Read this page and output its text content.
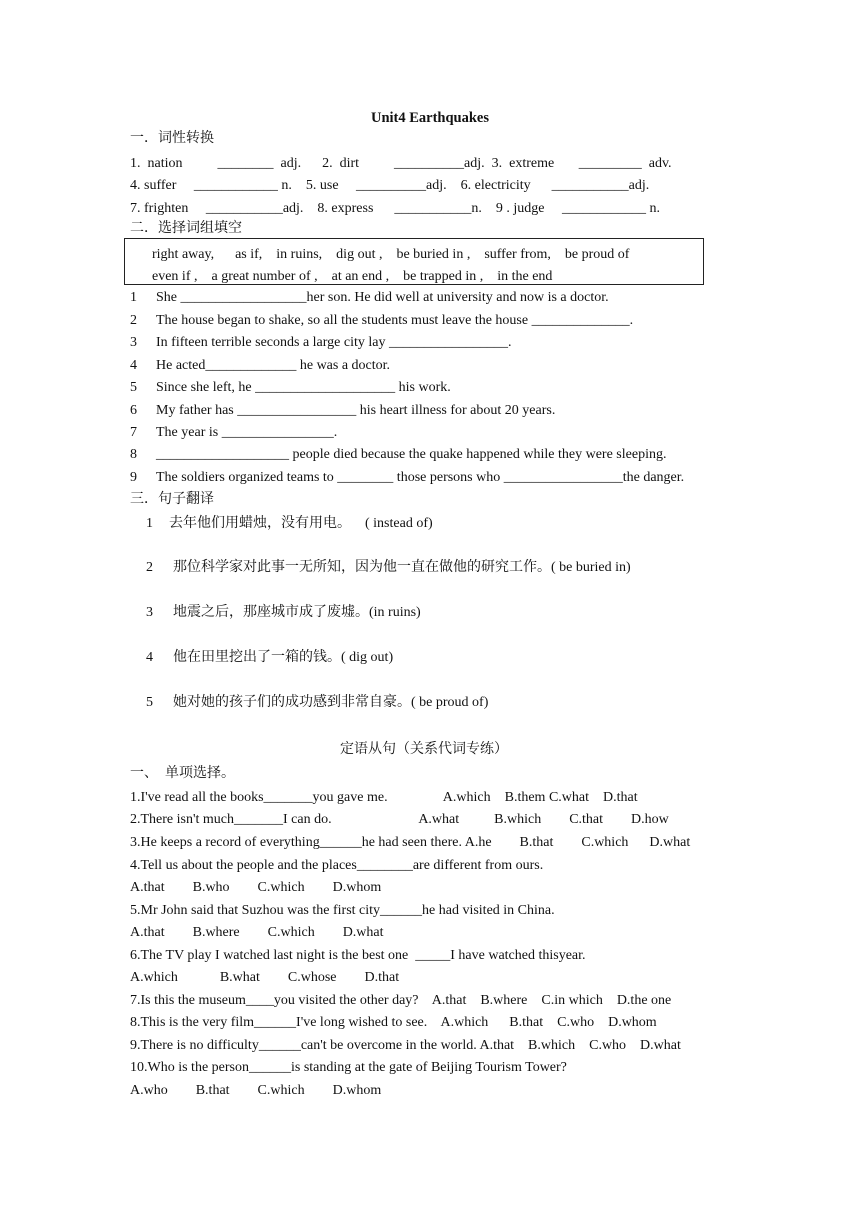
Unit4 Earthquakes
一．词性转换
1.  nation          ________  adj.      2.  dirt          __________adj.  3.  extreme       _________  adv.
4. suffer     ____________ n.    5. use     __________adj.    6. electricity      ___________adj.
7. frighten     ___________adj.    8. express      ___________n.    9 . judge     ____________ n.
二．选择词组填空
right away,      as if,    in ruins,    dig out ,    be buried in ,    suffer from,    be proud of
even if ,    a great number of ,    at an end ,    be trapped in ,    in the end
1 She __________________her son. He did well at university and now is a doctor.
2 The house began to shake, so all the students must leave the house ______________.
3 In fifteen terrible seconds a large city lay _________________.
4 He acted_____________ he was a doctor.
5 Since she left, he ____________________ his work.
6 My father has _________________ his heart illness for about 20 years.
7 The year is ________________.
8 ___________________ people died because the quake happened while they were sleeping.
9 The soldiers organized teams to ________ those persons who _________________the danger.
三．句子翻译
1 去年他们用蜡烛，没有用电。    ( instead of)
2 那位科学家对此事一无所知，因为他一直在做他的研究工作。( be buried in)
3 地震之后，那座城市成了废墟。(in ruins)
4 他在田里挖出了一箱的钱。( dig out)
5 她对她的孩子们的成功感到非常自豪。( be proud of)
定语从句（关系代词专练）
一、  单项选择。
1.I've read all the books_______you gave me.                A.which    B.them C.what    D.that
2.There isn't much_______I can do.                         A.what          B.which        C.that        D.how
3.He keeps a record of everything______he had seen there. A.he        B.that        C.which      D.what
4.Tell us about the people and the places________are different from ours.
A.that        B.who        C.which        D.whom
5.Mr John said that Suzhou was the first city______he had visited in China.
A.that        B.where        C.which        D.what
6.The TV play I watched last night is the best one  _____I have watched thisyear.
A.which            B.what        C.whose        D.that
7.Is this the museum____you visited the other day?    A.that    B.where    C.in which    D.the one
8.This is the very film______I've long wished to see.    A.which      B.that    C.who    D.whom
9.There is no difficulty______can't be overcome in the world. A.that    B.which    C.who    D.what
10.Who is the person______is standing at the gate of Beijing Tourism Tower?
A.who        B.that        C.which        D.whom
